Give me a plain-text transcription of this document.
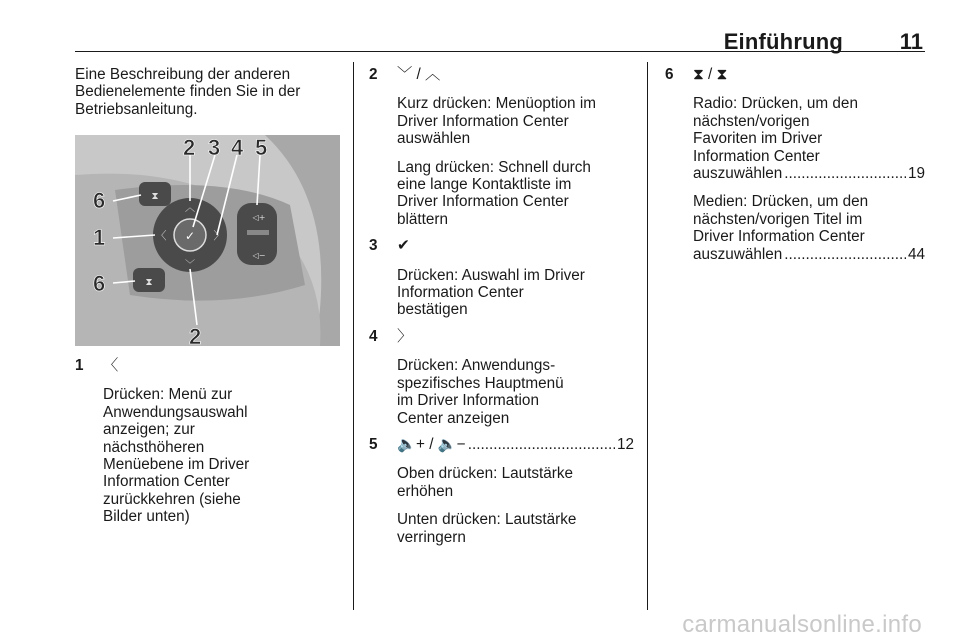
Einführung	11

Eine Beschreibung der anderen Bedienelemente finden Sie in der Betriebsanleitung.

⧗
⧗
✓
︿
﹀
〈	〉
◁+
◁−
2 3 4 5
6
1
6
2
1	〈

Drücken: Menü zur Anwendungsauswahl anzeigen; zur nächsthöheren Menüebene im Driver Information Center zurückkehren (siehe Bilder unten)

2	﹀ / ︿

Kurz drücken: Menüoption im Driver Information Center auswählen

Lang drücken: Schnell durch eine lange Kontaktliste im Driver Information Center blättern

3	✔

Drücken: Auswahl im Driver Information Center bestätigen

4	〉

Drücken: Anwendungs-spezifisches Hauptmenü im Driver Information Center anzeigen

5	🔈+ / 🔈− .....	12

Oben drücken: Lautstärke erhöhen

Unten drücken: Lautstärke verringern

6	⧗ / ⧗

Radio: Drücken, um den nächsten/vorigen Favoriten im Driver Information Center

auszuwählen .....	19

Medien: Drücken, um den nächsten/vorigen Titel im Driver Information Center

auszuwählen .....	44
carmanualsonline.info
